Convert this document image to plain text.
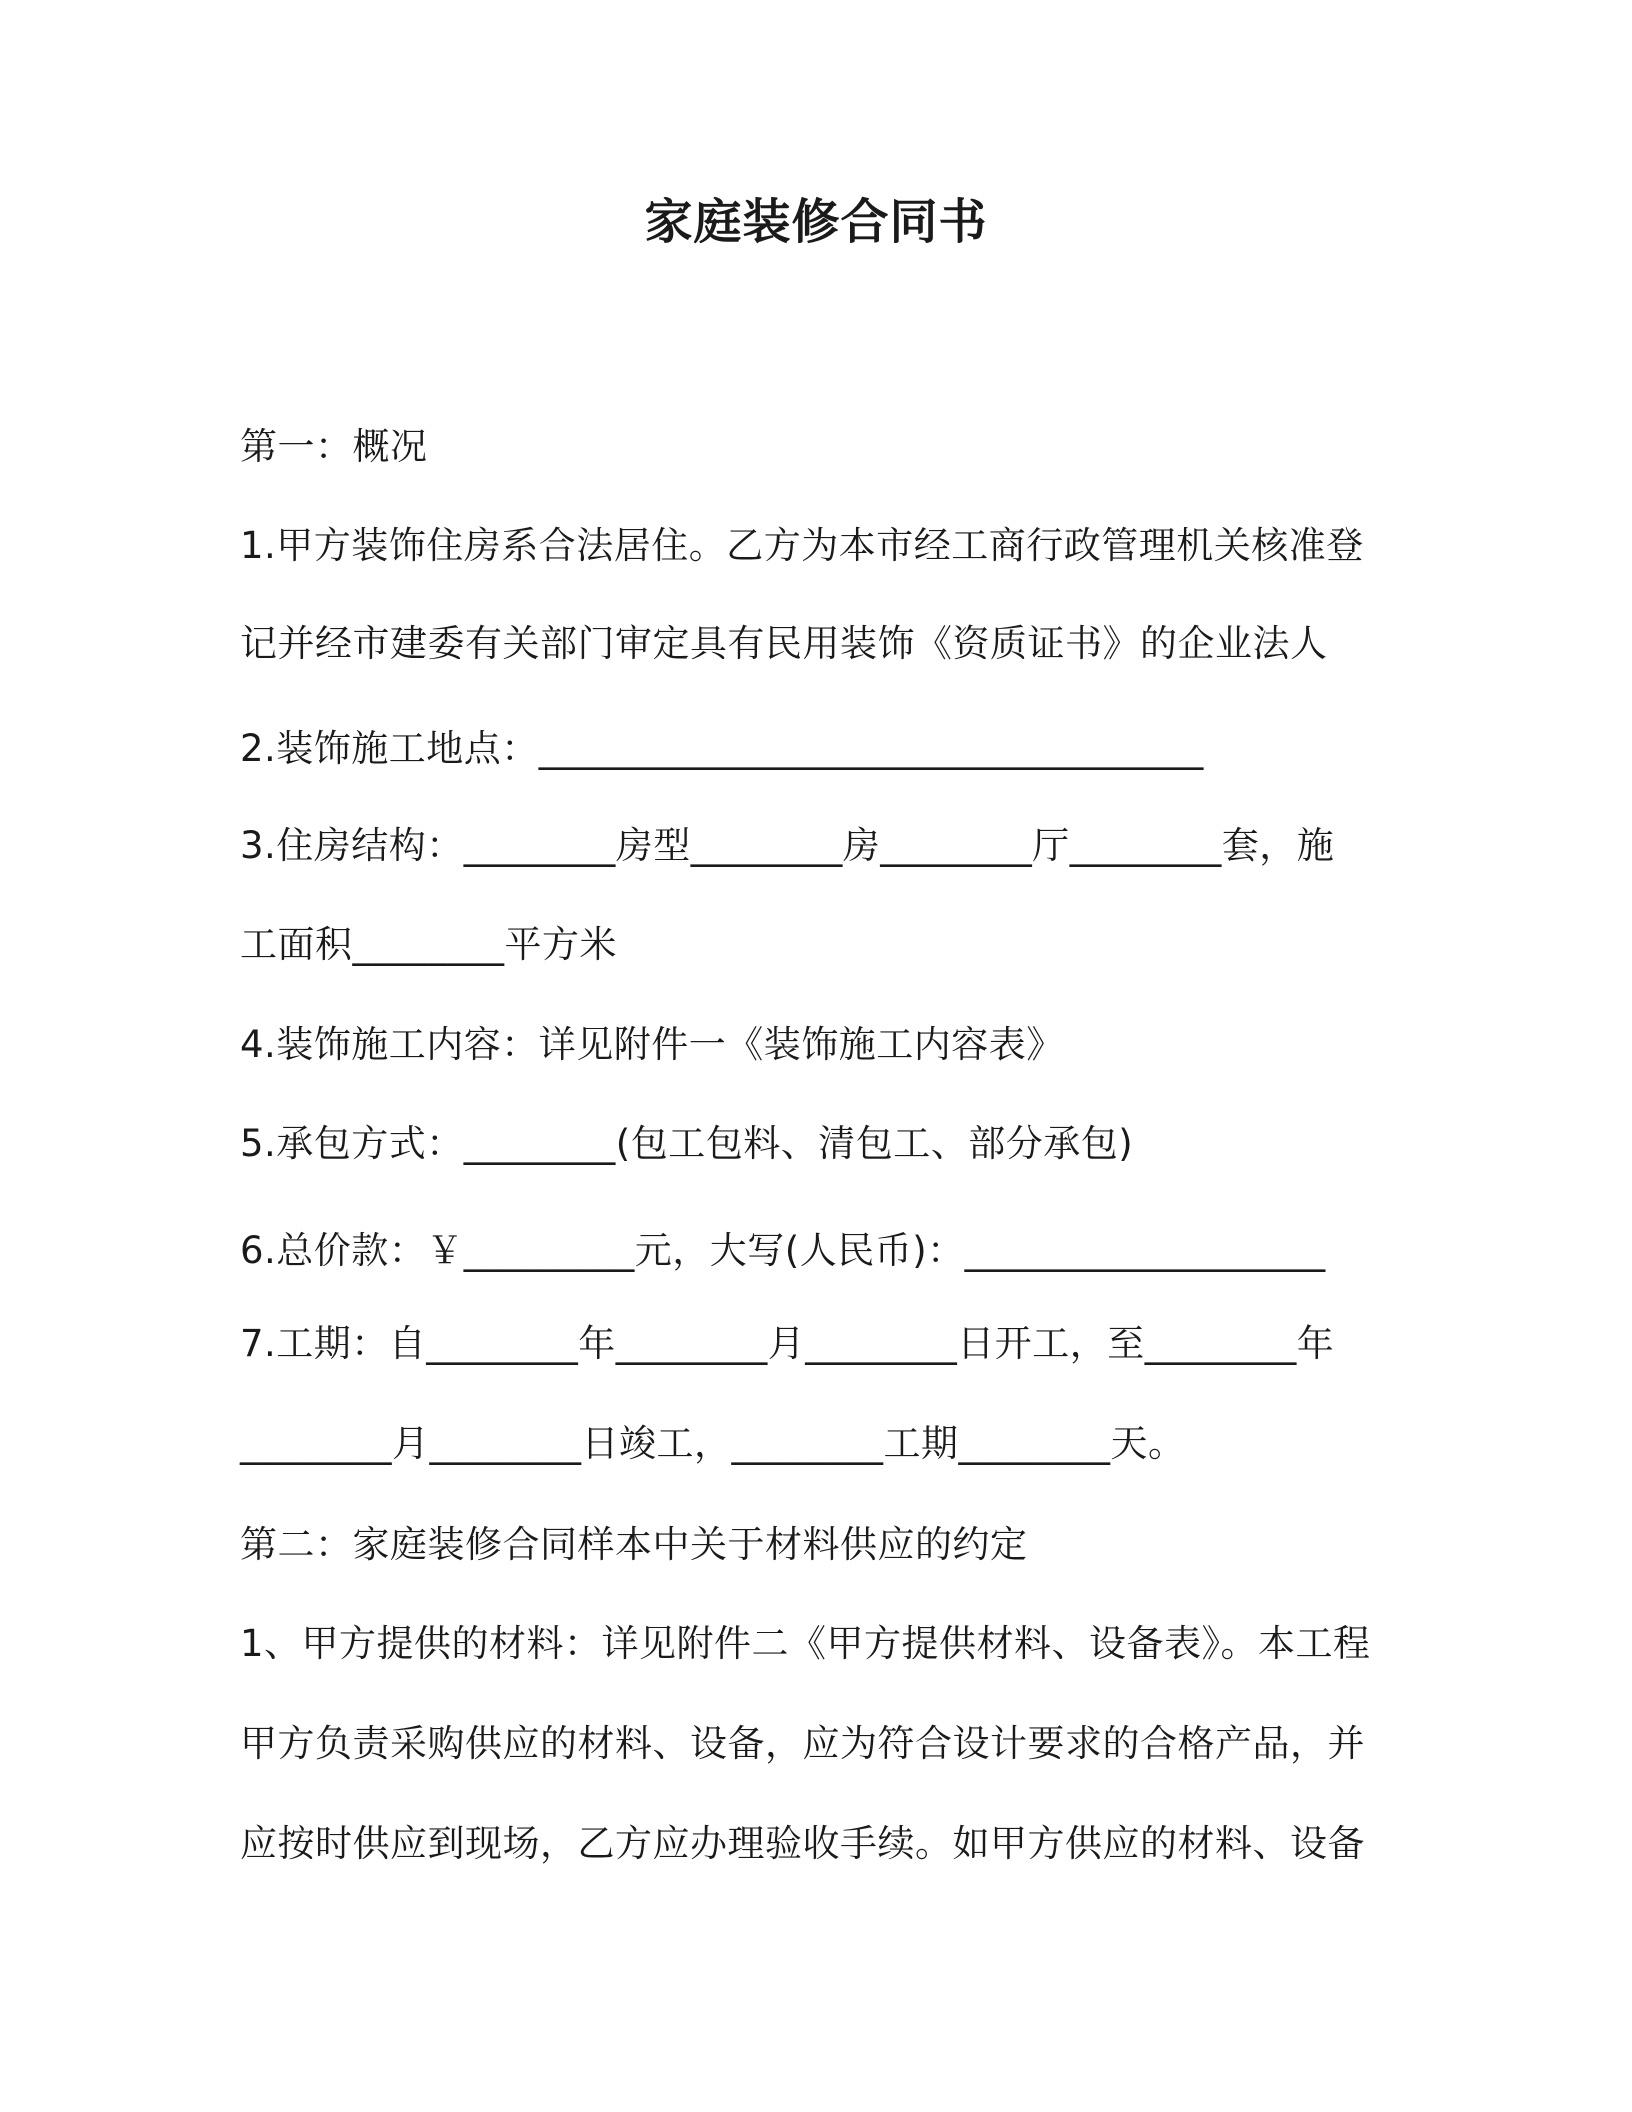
家庭装修合同书
第一：概况
1.甲方装饰住房系合法居住。乙方为本市经工商行政管理机关核准登
记并经市建委有关部门审定具有民用装饰《资质证书》的企业法人
2.装饰施工地点：___________________________________
3.住房结构：________房型________房________厅________套，施
工面积________平方米
4.装饰施工内容：详见附件一《装饰施工内容表》
5.承包方式：________(包工包料、清包工、部分承包)
6.总价款：￥_________元，大写(人民币)：___________________
7.工期：自________年________月________日开工，至________年
________月________日竣工，________工期________天。
第二：家庭装修合同样本中关于材料供应的约定
1、甲方提供的材料：详见附件二《甲方提供材料、设备表》。本工程
甲方负责采购供应的材料、设备，应为符合设计要求的合格产品，并
应按时供应到现场，乙方应办理验收手续。如甲方供应的材料、设备
